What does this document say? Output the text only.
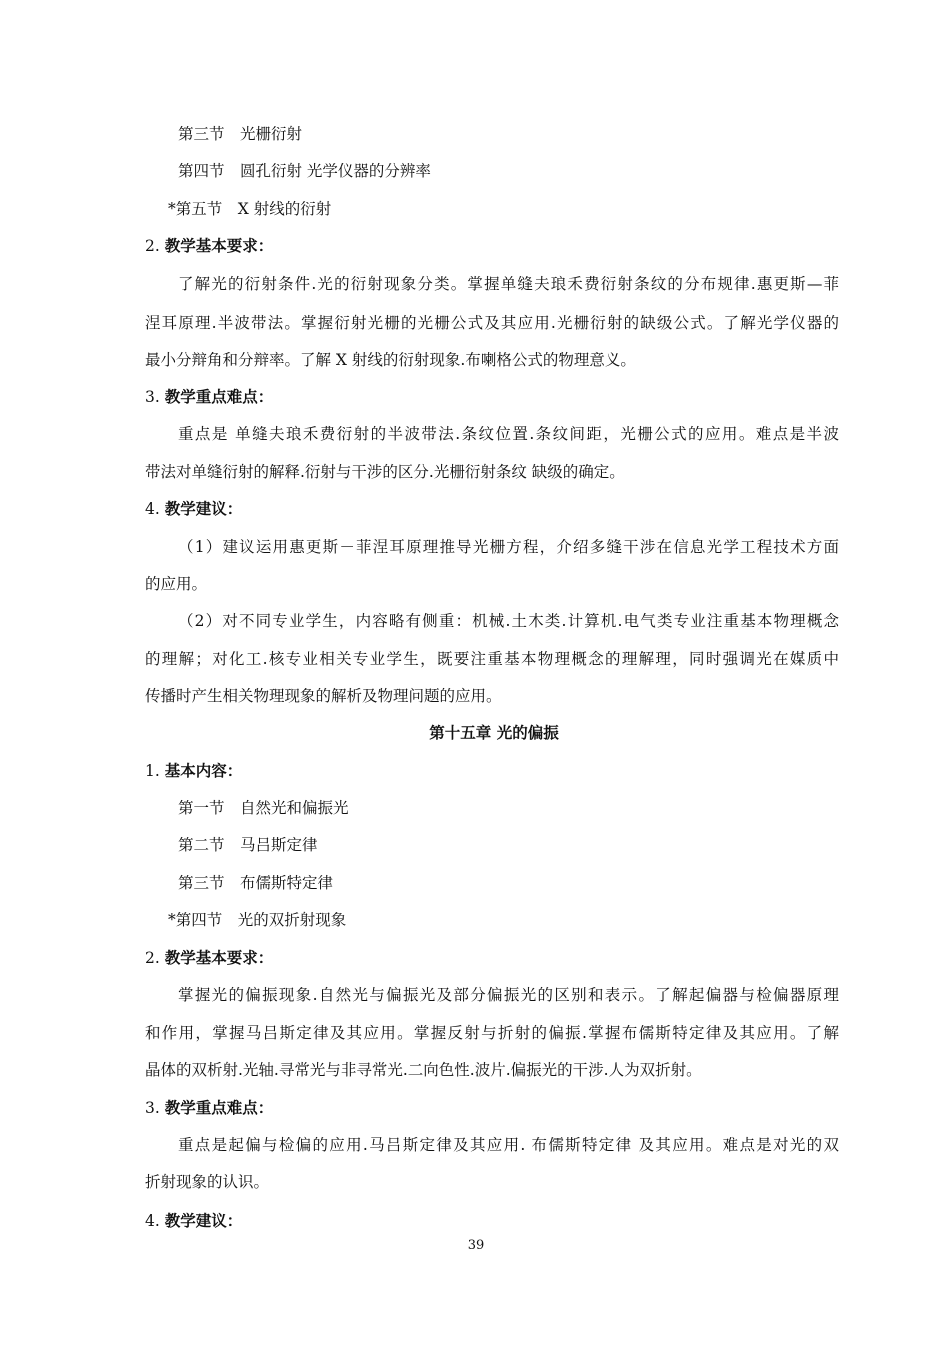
第三节　光栅衍射
第四节　圆孔衍射 光学仪器的分辨率
*第五节　X 射线的衍射
2. 教学基本要求：
了解光的衍射条件.光的衍射现象分类。掌握单缝夫琅禾费衍射条纹的分布规律.惠更斯—菲
涅耳原理.半波带法。掌握衍射光栅的光栅公式及其应用.光栅衍射的缺级公式。了解光学仪器的
最小分辩角和分辩率。了解 X 射线的衍射现象.布喇格公式的物理意义。
3. 教学重点难点：
重点是 单缝夫琅禾费衍射的半波带法.条纹位置.条纹间距，光栅公式的应用。难点是半波
带法对单缝衍射的解释.衍射与干涉的区分.光栅衍射条纹 缺级的确定。
4. 教学建议：
（1）建议运用惠更斯－菲涅耳原理推导光栅方程，介绍多缝干涉在信息光学工程技术方面
的应用。
（2）对不同专业学生，内容略有侧重：机械.土木类.计算机.电气类专业注重基本物理概念
的理解；对化工.核专业相关专业学生，既要注重基本物理概念的理解理，同时强调光在媒质中
传播时产生相关物理现象的解析及物理问题的应用。
第十五章 光的偏振
1. 基本内容：
第一节　自然光和偏振光
第二节　马吕斯定律
第三节　布儒斯特定律
*第四节　光的双折射现象
2. 教学基本要求：
掌握光的偏振现象.自然光与偏振光及部分偏振光的区别和表示。了解起偏器与检偏器原理
和作用，掌握马吕斯定律及其应用。掌握反射与折射的偏振.掌握布儒斯特定律及其应用。了解
晶体的双析射.光轴.寻常光与非寻常光.二向色性.波片.偏振光的干涉.人为双折射。
3. 教学重点难点：
重点是起偏与检偏的应用.马吕斯定律及其应用. 布儒斯特定律 及其应用。难点是对光的双
折射现象的认识。
4. 教学建议：
39
